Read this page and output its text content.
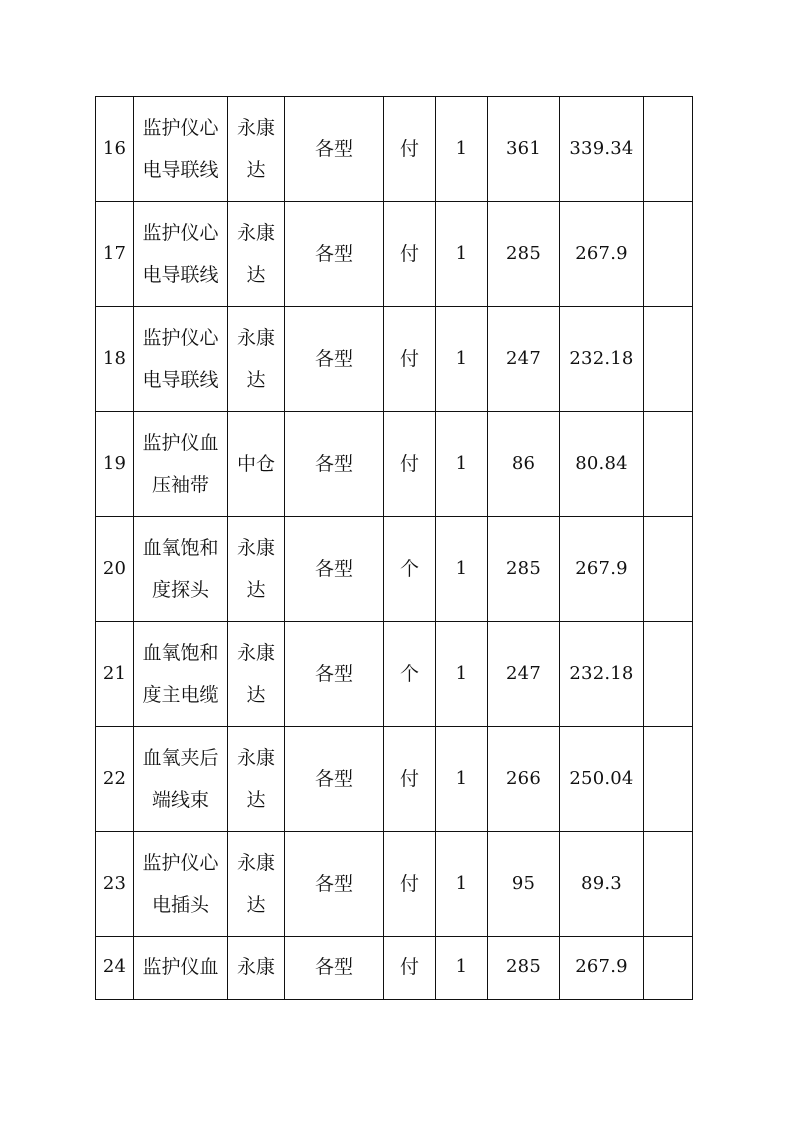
16	监护仪心电导联线	永康达	各型	付	1	361	339.34	
17	监护仪心电导联线	永康达	各型	付	1	285	267.9	
18	监护仪心电导联线	永康达	各型	付	1	247	232.18	
19	监护仪血压袖带	中仓	各型	付	1	86	80.84	
20	血氧饱和度探头	永康达	各型	个	1	285	267.9	
21	血氧饱和度主电缆	永康达	各型	个	1	247	232.18	
22	血氧夹后端线束	永康达	各型	付	1	266	250.04	
23	监护仪心电插头	永康达	各型	付	1	95	89.3	
24	监护仪血	永康	各型	付	1	285	267.9	
